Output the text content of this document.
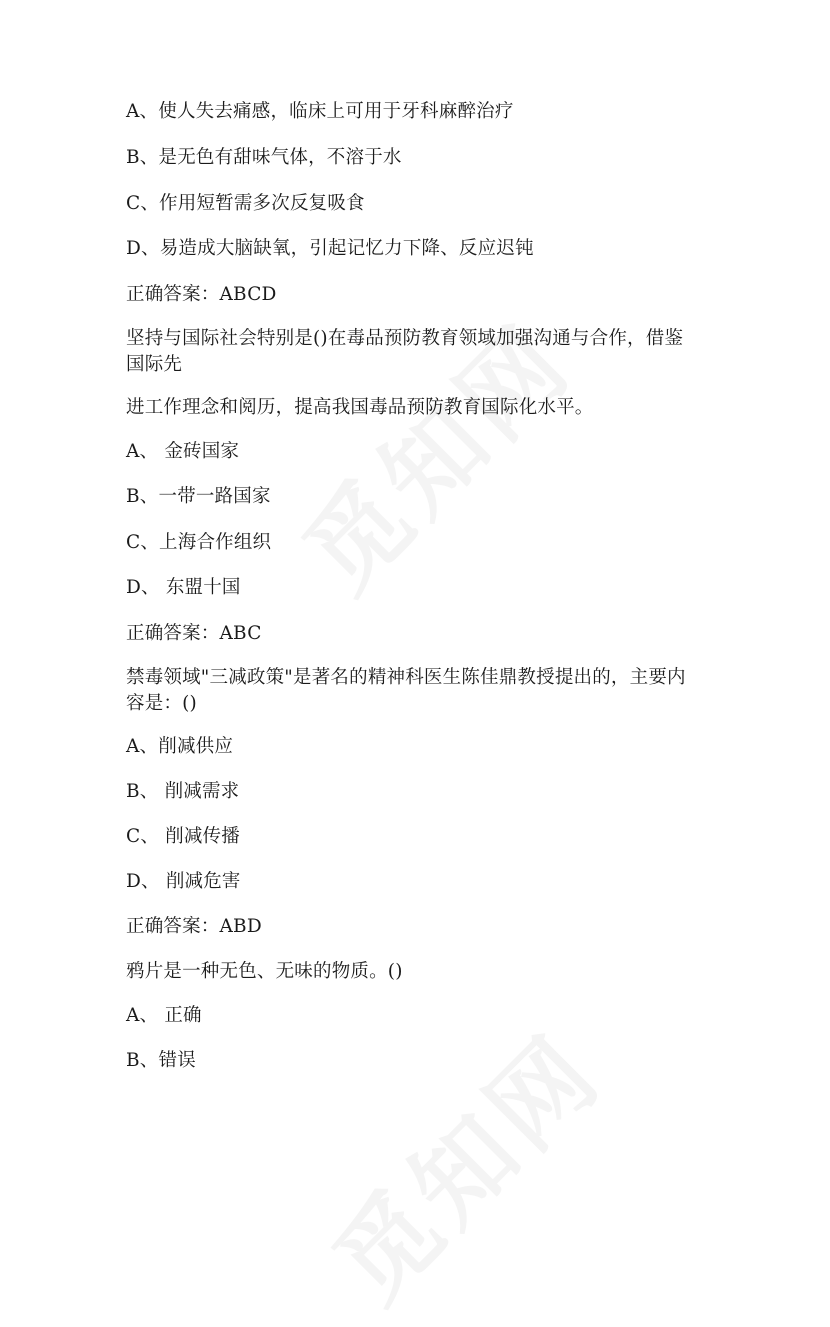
A、使人失去痛感，临床上可用于牙科麻醉治疗
B、是无色有甜味气体，不溶于水
C、作用短暂需多次反复吸食
D、易造成大脑缺氧，引起记忆力下降、反应迟钝
正确答案：ABCD
坚持与国际社会特别是()在毒品预防教育领域加强沟通与合作，借鉴
国际先
进工作理念和阅历，提高我国毒品预防教育国际化水平。
A、 金砖国家
B、一带一路国家
C、上海合作组织
D、 东盟十国
正确答案：ABC
禁毒领域"三减政策"是著名的精神科医生陈佳鼎教授提出的，主要内
容是：()
A、削减供应
B、 削减需求
C、 削减传播
D、 削减危害
正确答案：ABD
鸦片是一种无色、无味的物质。()
A、 正确
B、错误
